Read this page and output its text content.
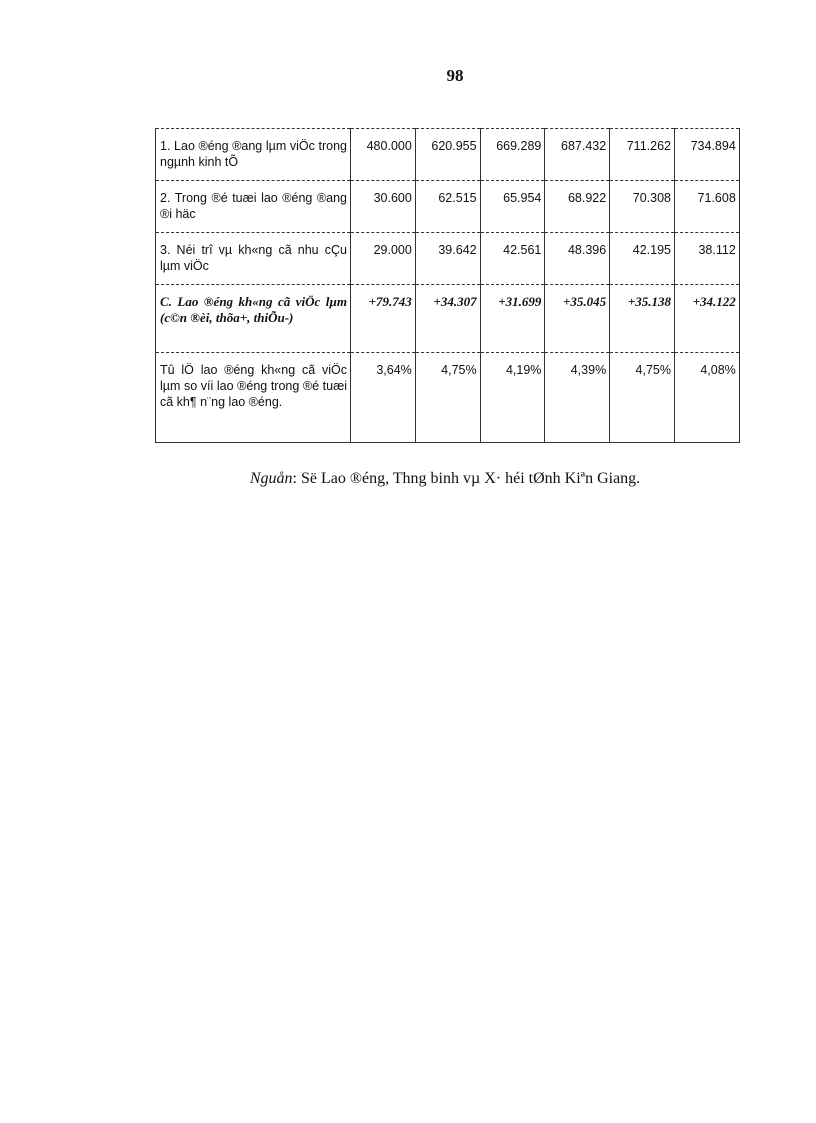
98
1. Lao ®éng ®ang lµm viÖc trong ngµnh kinh tÕ	480.000	620.955	669.289	687.432	711.262	734.894
2. Trong ®é tuæi lao ®éng ®ang ®i häc	30.600	62.515	65.954	68.922	70.308	71.608
3. Néi trî vµ kh«ng cã nhu cÇu lµm viÖc	29.000	39.642	42.561	48.396	42.195	38.112
C. Lao ®éng kh«ng cã viÖc lµm (c©n ®èi, thõa+, thiÕu-)	+79.743	+34.307	+31.699	+35.045	+35.138	+34.122
Tû lÖ lao ®éng kh«ng cã viÖc lµm so víi lao ®éng trong ®é tuæi cã kh¶ n¨ng lao ®éng.	3,64%	4,75%	4,19%	4,39%	4,75%	4,08%
Nguån: Së Lao ®éng, Thng binh vµ X· héi tØnh Kiªn Giang.
